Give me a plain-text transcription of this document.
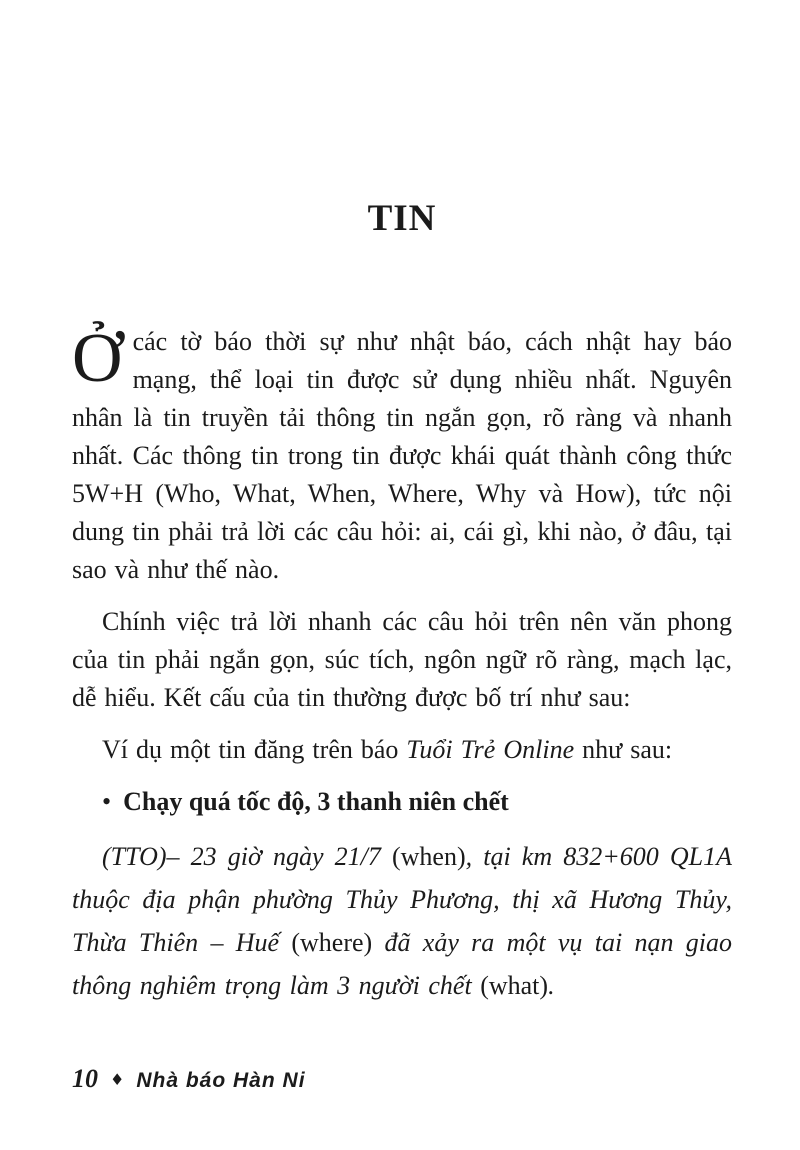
TIN

Ởcác tờ báo thời sự như nhật báo, cách nhật hay báo mạng, thể loại tin được sử dụng nhiều nhất. Nguyên nhân là tin truyền tải thông tin ngắn gọn, rõ ràng và nhanh nhất. Các thông tin trong tin được khái quát thành công thức 5W+H (Who, What, When, Where, Why và How), tức nội dung tin phải trả lời các câu hỏi: ai, cái gì, khi nào, ở đâu, tại sao và như thế nào.

Chính việc trả lời nhanh các câu hỏi trên nên văn phong của tin phải ngắn gọn, súc tích, ngôn ngữ rõ ràng, mạch lạc, dễ hiểu. Kết cấu của tin thường được bố trí như sau:

Ví dụ một tin đăng trên báo Tuổi Trẻ Online như sau:

• Chạy quá tốc độ, 3 thanh niên chết

(TTO)– 23 giờ ngày 21/7 (when), tại km 832+600 QL1A thuộc địa phận phường Thủy Phương, thị xã Hương Thủy, Thừa Thiên – Huế (where) đã xảy ra một vụ tai nạn giao thông nghiêm trọng làm 3 người chết (what).

10 ♦ Nhà báo Hàn Ni
